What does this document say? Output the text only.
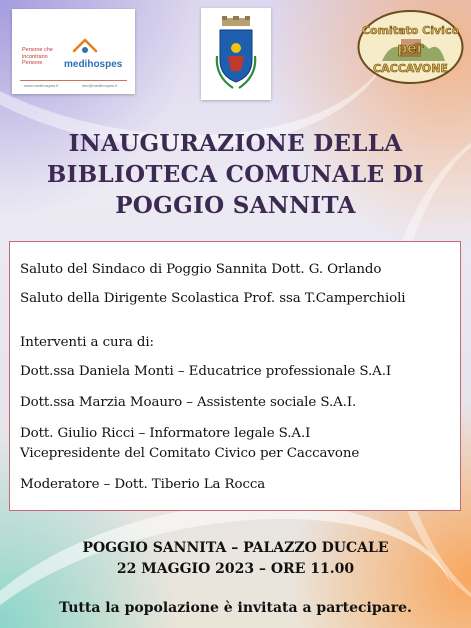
Persone che incontrano Persone	medihospes
www.medihospes.it	info@medihospes.it
Comitato Civico
per
CACCAVONE
INAUGURAZIONE DELLA
BIBLIOTECA COMUNALE DI
POGGIO SANNITA
Saluto del Sindaco di Poggio Sannita Dott. G. Orlando
Saluto della Dirigente Scolastica Prof. ssa T.Camperchioli
Interventi a cura di:
Dott.ssa Daniela Monti – Educatrice professionale S.A.I
Dott.ssa Marzia Moauro – Assistente sociale S.A.I.
Dott. Giulio Ricci – Informatore legale S.A.I
Vicepresidente del Comitato Civico per Caccavone
Moderatore – Dott. Tiberio La Rocca
POGGIO SANNITA – PALAZZO DUCALE
22 MAGGIO 2023 – ORE 11.00
Tutta la popolazione è invitata a partecipare.
